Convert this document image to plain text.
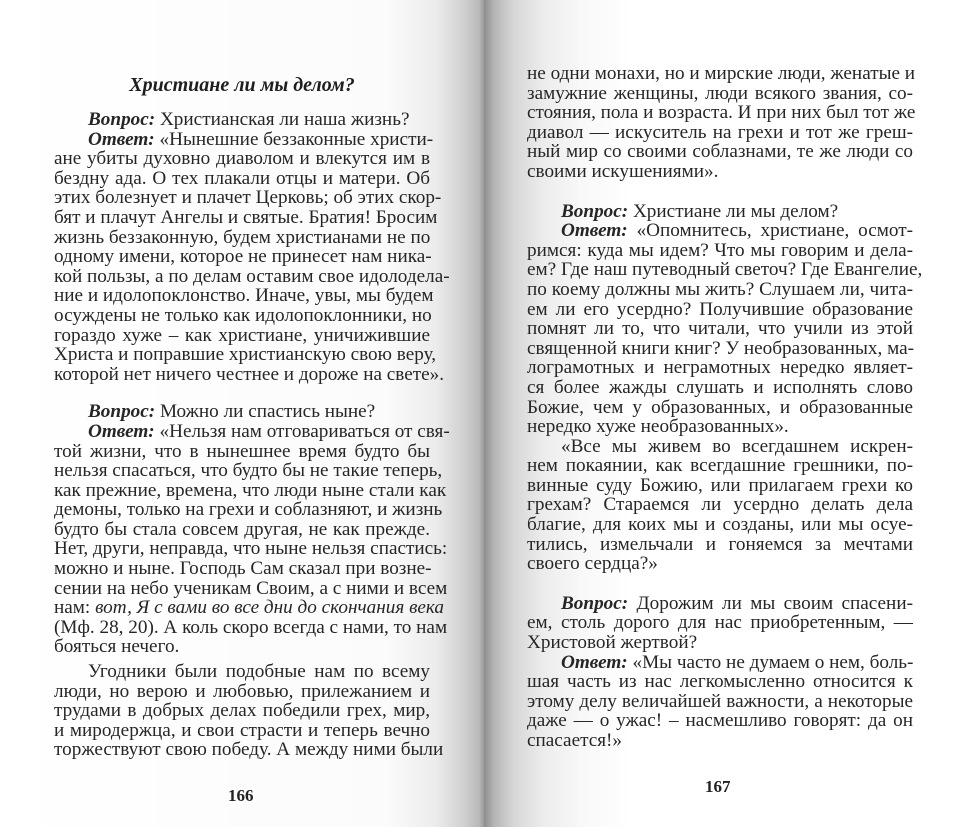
Христиане ли мы делом?

Вопрос: Христианская ли наша жизнь?

Ответ: «Нынешние беззаконные христи-
ане убиты духовно диаволом и влекутся им в
бездну ада. О тех плакали отцы и матери. Об
этих болезнует и плачет Церковь; об этих скор-
бят и плачут Ангелы и святые. Братия! Бросим
жизнь беззаконную, будем христианами не по
одному имени, которое не принесет нам ника-
кой пользы, а по делам оставим свое идолодела-
ние и идолопоклонство. Иначе, увы, мы будем
осуждены не только как идолопоклонники, но
гораздо хуже – как христиане, уничижившие
Христа и поправшие христианскую свою веру,
которой нет ничего честнее и дороже на свете».

Вопрос: Можно ли спастись ныне?

Ответ: «Нельзя нам отговариваться от свя-
той жизни, что в нынешнее время будто бы
нельзя спасаться, что будто бы не такие теперь,
как прежние, времена, что люди ныне стали как
демоны, только на грехи и соблазняют, и жизнь
будто бы стала совсем другая, не как прежде.
Нет, други, неправда, что ныне нельзя спастись:
можно и ныне. Господь Сам сказал при возне-
сении на небо ученикам Своим, а с ними и всем
нам: вот, Я с вами во все дни до скончания века
(Мф. 28, 20). А коль скоро всегда с нами, то нам
бояться нечего.

Угодники были подобные нам по всему
люди, но верою и любовью, прилежанием и
трудами в добрых делах победили грех, мир,
и миродержца, и свои страсти и теперь вечно
торжествуют свою победу. А между ними были

166

не одни монахи, но и мирские люди, женатые и
замужние женщины, люди всякого звания, со-
стояния, пола и возраста. И при них был тот же
диавол — искуситель на грехи и тот же греш-
ный мир со своими соблазнами, те же люди со
своими искушениями».

Вопрос: Христиане ли мы делом?

Ответ: «Опомнитесь, христиане, осмот-
римся: куда мы идем? Что мы говорим и дела-
ем? Где наш путеводный светоч? Где Евангелие,
по коему должны мы жить? Слушаем ли, чита-
ем ли его усердно? Получившие образование
помнят ли то, что читали, что учили из этой
священной книги книг? У необразованных, ма-
лограмотных и неграмотных нередко являет-
ся более жажды слушать и исполнять слово
Божие, чем у образованных, и образованные
нередко хуже необразованных».

«Все мы живем во всегдашнем искрен-
нем покаянии, как всегдашние грешники, по-
винные суду Божию, или прилагаем грехи ко
грехам? Стараемся ли усердно делать дела
благие, для коих мы и созданы, или мы осуе-
тились, измельчали и гоняемся за мечтами
своего сердца?»

Вопрос: Дорожим ли мы своим спасени-
ем, столь дорого для нас приобретенным, —
Христовой жертвой?

Ответ: «Мы часто не думаем о нем, боль-
шая часть из нас легкомысленно относится к
этому делу величайшей важности, а некоторые
даже — о ужас! – насмешливо говорят: да он
спасается!»

167
